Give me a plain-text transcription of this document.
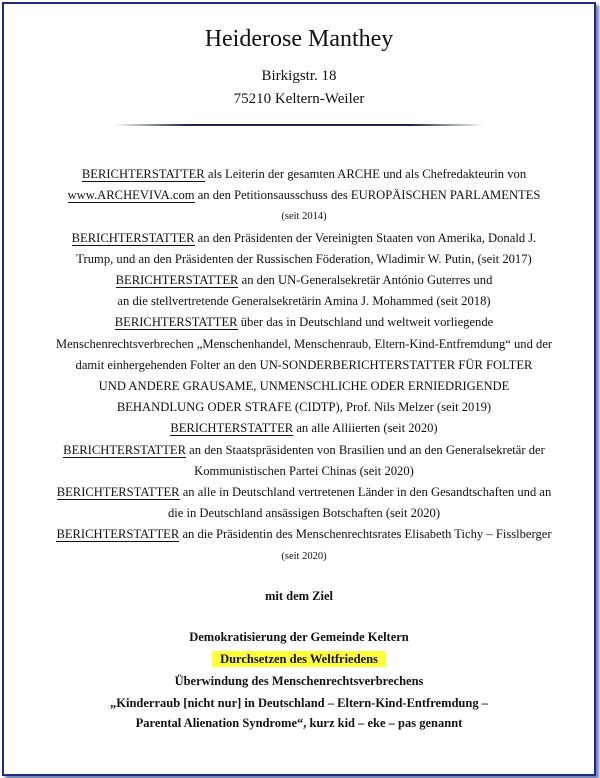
Heiderose Manthey
Birkigstr. 18
75210 Keltern-Weiler

BERICHTERSTATTER als Leiterin der gesamten ARCHE und als Chefredakteurin von

www.ARCHEVIVA.com an den Petitionsausschuss des EUROPÄISCHEN PARLAMENTES

(seit 2014)

BERICHTERSTATTER an den Präsidenten der Vereinigten Staaten von Amerika, Donald J.

Trump, und an den Präsidenten der Russischen Föderation, Wladimir W. Putin, (seit 2017)

BERICHTERSTATTER an den UN-Generalsekretär António Guterres und

an die stellvertretende Generalsekretärin Amina J. Mohammed (seit 2018)

BERICHTERSTATTER über das in Deutschland und weltweit vorliegende

Menschenrechtsverbrechen „Menschenhandel, Menschenraub, Eltern-Kind-Entfremdung“ und der

damit einhergehenden Folter an den UN-SONDERBERICHTERSTATTER FÜR FOLTER

UND ANDERE GRAUSAME, UNMENSCHLICHE ODER ERNIEDRIGENDE

BEHANDLUNG ODER STRAFE (CIDTP), Prof. Nils Melzer (seit 2019)

BERICHTERSTATTER an alle Alliierten (seit 2020)

BERICHTERSTATTER an den Staatspräsidenten von Brasilien und an den Generalsekretär der

Kommunistischen Partei Chinas (seit 2020)

BERICHTERSTATTER an alle in Deutschland vertretenen Länder in den Gesandtschaften und an

die in Deutschland ansässigen Botschaften (seit 2020)

BERICHTERSTATTER an die Präsidentin des Menschenrechtsrates Elisabeth Tichy – Fisslberger

(seit 2020)

mit dem Ziel
Demokratisierung der Gemeinde Keltern
Durchsetzen des Weltfriedens
Überwindung des Menschenrechtsverbrechens
„Kinderraub [nicht nur] in Deutschland – Eltern-Kind-Entfremdung –
Parental Alienation Syndrome“, kurz kid – eke – pas genannt
